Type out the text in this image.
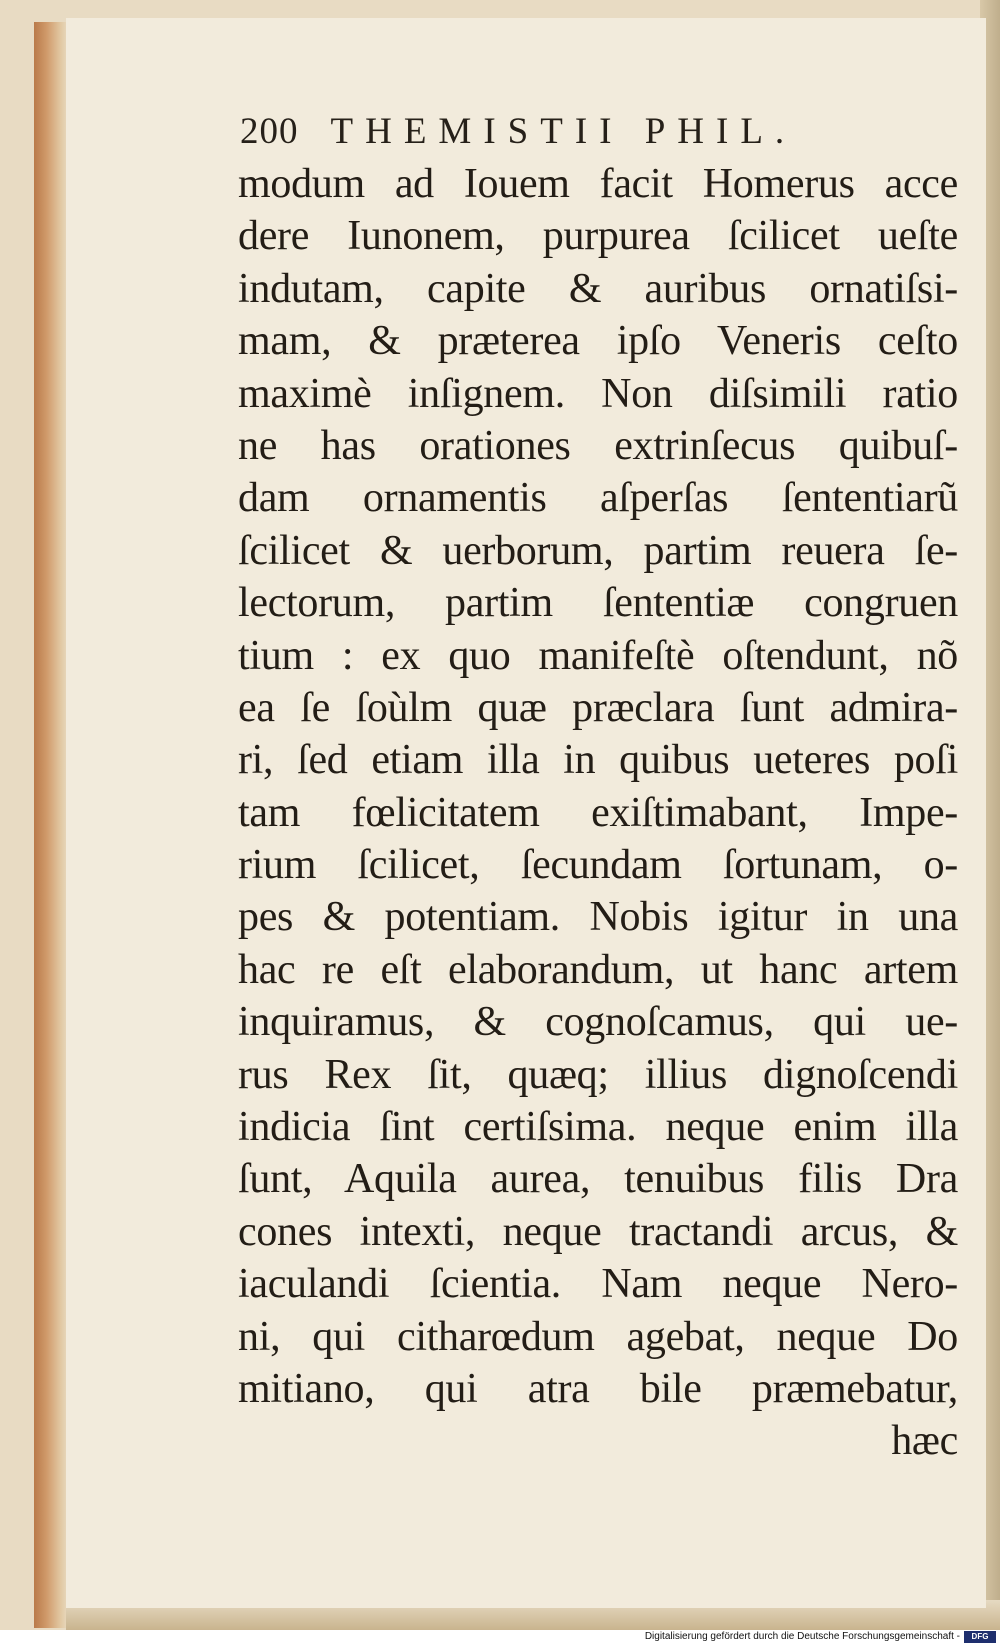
200 THEMISTII PHIL.
modum ad Iouem facit Homerus acce
dere Iunonem, purpurea ſcilicet ueſte
indutam, capite & auribus ornatiſsi-
mam, & præterea ipſo Veneris ceſto
maximè inſignem. Non diſsimili ratio
ne has orationes extrinſecus quibuſ-
dam ornamentis aſperſas ſententiarũ
ſcilicet & uerborum, partim reuera ſe-
lectorum, partim ſententiæ congruen
tium : ex quo manifeſtè oſtendunt, nõ
ea ſe ſoùlm quæ præclara ſunt admira-
ri, ſed etiam illa in quibus ueteres poſi
tam fœlicitatem exiſtimabant, Impe-
rium ſcilicet, ſecundam ſortunam, o-
pes & potentiam. Nobis igitur in una
hac re eſt elaborandum, ut hanc artem
inquiramus, & cognoſcamus, qui ue-
rus Rex ſit, quæq; illius dignoſcendi
indicia ſint certiſsima. neque enim illa
ſunt, Aquila aurea, tenuibus filis Dra
cones intexti, neque tractandi arcus, &
iaculandi ſcientia. Nam neque Nero-
ni, qui citharœdum agebat, neque Do
mitiano, qui atra bile præmebatur,
hæc
Digitalisierung gefördert durch die Deutsche Forschungsgemeinschaft -	DFG
